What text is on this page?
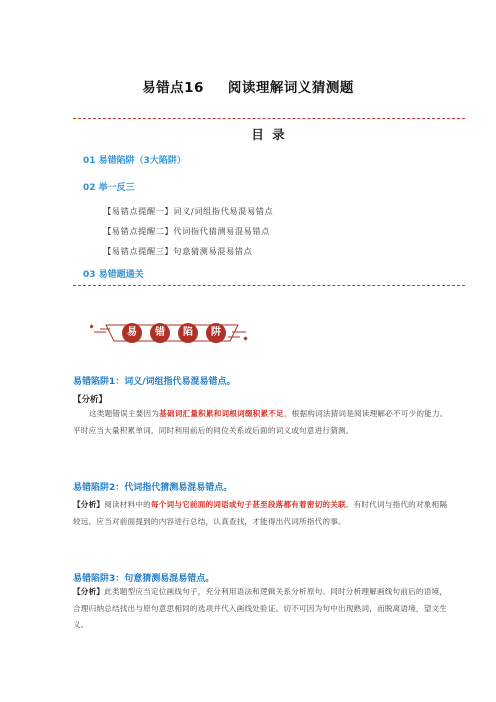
易错点16 阅读理解词义猜测题
目 录
01 易错陷阱（3大陷阱）
02 举一反三
【易错点提醒一】词义/词组指代易混易错点
【易错点提醒二】代词指代猜测易混易错点
【易错点提醒三】句意猜测易混易错点
03 易错题通关
易	错	陷	阱
易错陷阱1：词义/词组指代易混易错点。
【分析】
这类题错误主要因为基础词汇量积累和词根词缀积累不足，根据构词法猜词是阅读理解必不可少的能力。平时应当大量积累单词，同时利用前后的同位关系或后面的词义或句意进行猜测。
易错陷阱2：代词指代猜测易混易错点。
【分析】阅读材料中的每个词与它前面的词语或句子甚至段落都有着密切的关联。有时代词与指代的对象相隔较远，应当对前面提到的内容进行总结，认真查找，才能得出代词所指代的事。
易错陷阱3：句意猜测易混易错点。
【分析】此类题型应当定位画线句子，充分利用语法和逻辑关系分析原句。同时分析理解画线句前后的语境，合理归纳总结找出与原句意思相同的选项并代入画线处验证。切不可因为句中出现熟词，而脱离语境，望文生义。
